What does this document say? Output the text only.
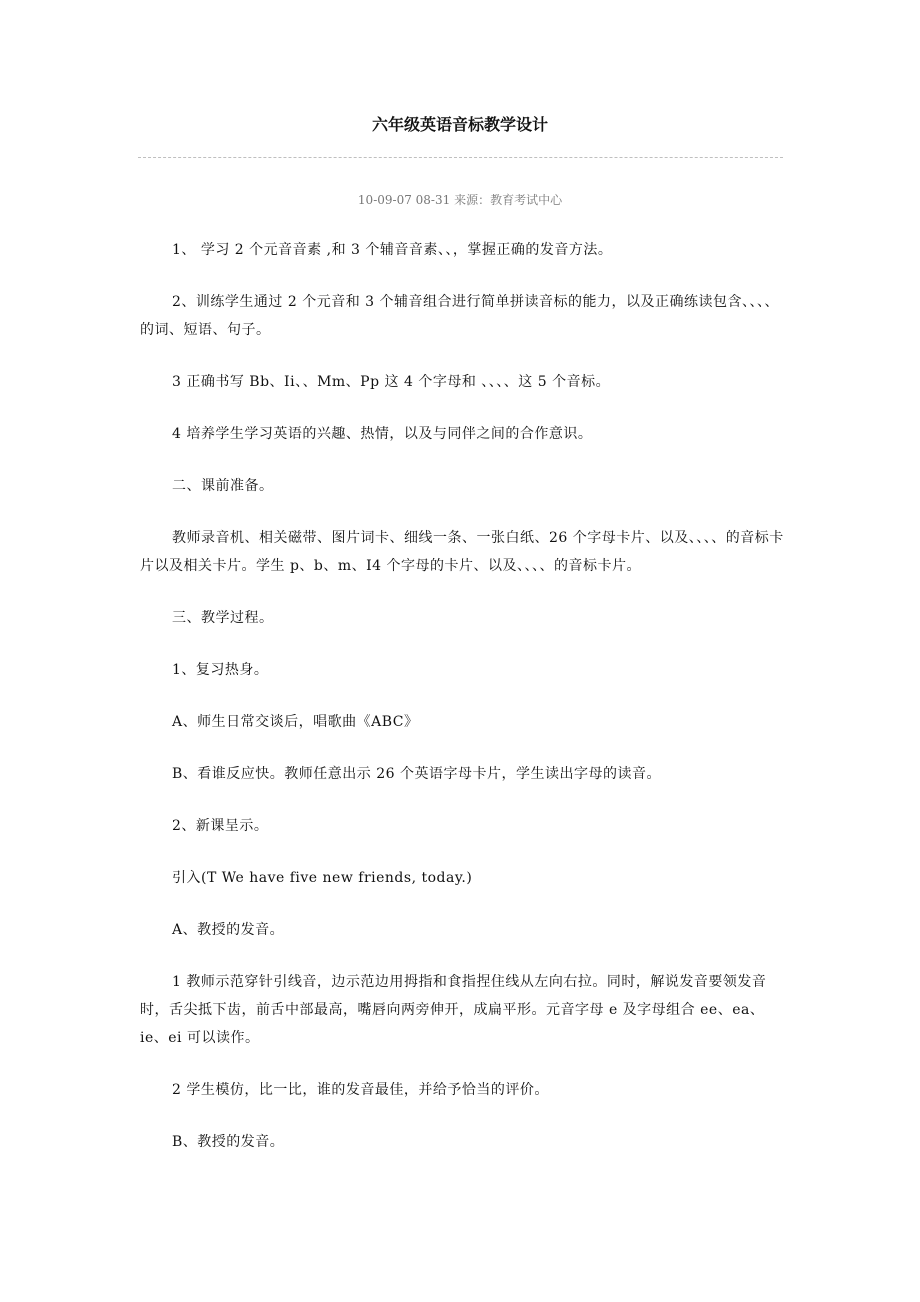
六年级英语音标教学设计
10-09-07 08-31 来源：教育考试中心

1、 学习 2 个元音音素 ,和 3 个辅音音素、、，掌握正确的发音方法。

2、训练学生通过 2 个元音和 3 个辅音组合进行简单拼读音标的能力，以及正确练读包含、、、、的词、短语、句子。

3 正确书写 Bb、Ii、、Mm、Pp 这 4 个字母和 、、、、这 5 个音标。

4 培养学生学习英语的兴趣、热情，以及与同伴之间的合作意识。

二、课前准备。

教师录音机、相关磁带、图片词卡、细线一条、一张白纸、26 个字母卡片、以及、、、、的音标卡片以及相关卡片。学生 p、b、m、I4 个字母的卡片、以及、、、、的音标卡片。

三、教学过程。

1、复习热身。

A、师生日常交谈后，唱歌曲《ABC》

B、看谁反应快。教师任意出示 26 个英语字母卡片，学生读出字母的读音。

2、新课呈示。

引入(T We have five new friends, today.)

A、教授的发音。

1 教师示范穿针引线音，边示范边用拇指和食指捏住线从左向右拉。同时，解说发音要领发音时，舌尖抵下齿，前舌中部最高，嘴唇向两旁伸开，成扁平形。元音字母 e 及字母组合 ee、ea、ie、ei 可以读作。

2 学生模仿，比一比，谁的发音最佳，并给予恰当的评价。

B、教授的发音。
